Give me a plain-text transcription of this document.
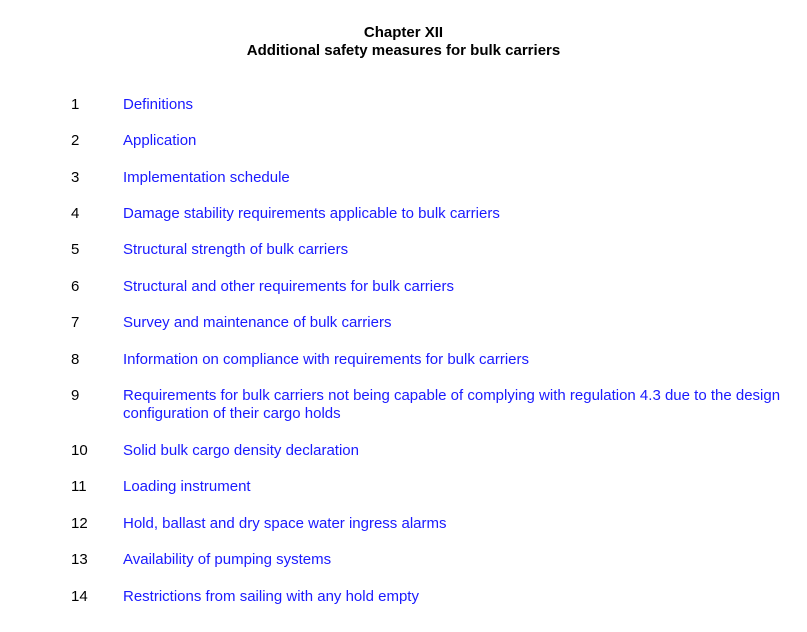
Chapter XII
Additional safety measures for bulk carriers
1	Definitions
2	Application
3	Implementation schedule
4	Damage stability requirements applicable to bulk carriers
5	Structural strength of bulk carriers
6	Structural and other requirements for bulk carriers
7	Survey and maintenance of bulk carriers
8	Information on compliance with requirements for bulk carriers
9	Requirements for bulk carriers not being capable of complying with regulation 4.3 due to the design configuration of their cargo holds
10 Solid bulk cargo density declaration
11 Loading instrument
12 Hold, ballast and dry space water ingress alarms
13 Availability of pumping systems
14 Restrictions from sailing with any hold empty
